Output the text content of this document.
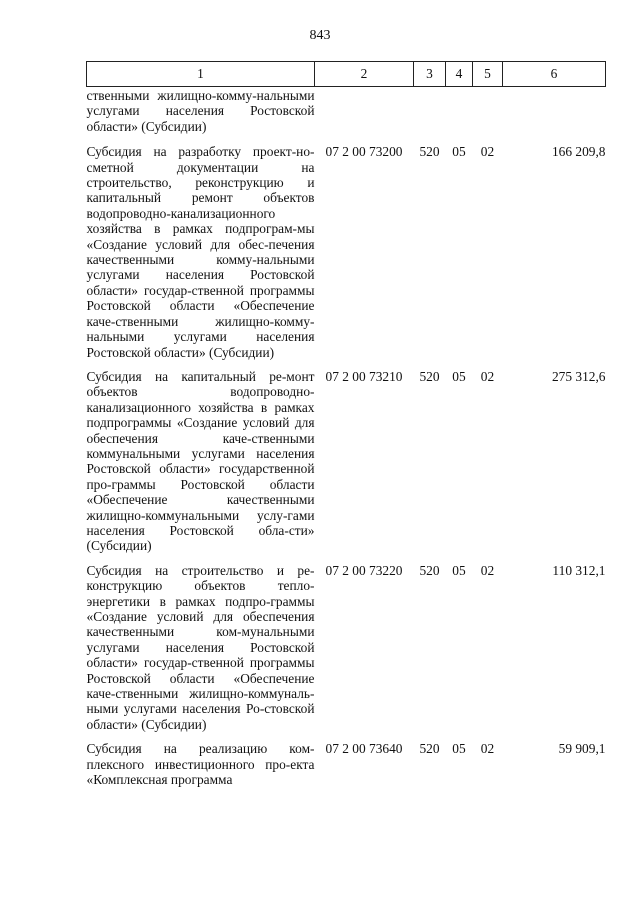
843
1	2	3	4	5	6
ственными жилищно-комму-нальными услугами населения Ростовской области» (Субсидии)					
Субсидия на разработку проект-но-сметной документации на строительство, реконструкцию и капитальный ремонт объектов водопроводно-канализационного хозяйства в рамках подпрограм-мы «Создание условий для обес-печения качественными комму-нальными услугами населения Ростовской области» государ-ственной программы Ростовской области «Обеспечение каче-ственными жилищно-комму-нальными услугами населения Ростовской области» (Субсидии)	07 2 00 73200	520	05	02	166 209,8
Субсидия на капитальный ре-монт объектов водопроводно-канализационного хозяйства в рамках подпрограммы «Создание условий для обеспечения каче-ственными коммунальными услугами населения Ростовской области» государственной про-граммы Ростовской области «Обеспечение качественными жилищно-коммунальными услу-гами населения Ростовской обла-сти» (Субсидии)	07 2 00 73210	520	05	02	275 312,6
Субсидия на строительство и ре-конструкцию объектов тепло-энергетики в рамках подпро-граммы «Создание условий для обеспечения качественными ком-мунальными услугами населения Ростовской области» государ-ственной программы Ростовской области «Обеспечение каче-ственными жилищно-коммуналь-ными услугами населения Ро-стовской области» (Субсидии)	07 2 00 73220	520	05	02	110 312,1
Субсидия на реализацию ком-плексного инвестиционного про-екта «Комплексная программа	07 2 00 73640	520	05	02	59 909,1
